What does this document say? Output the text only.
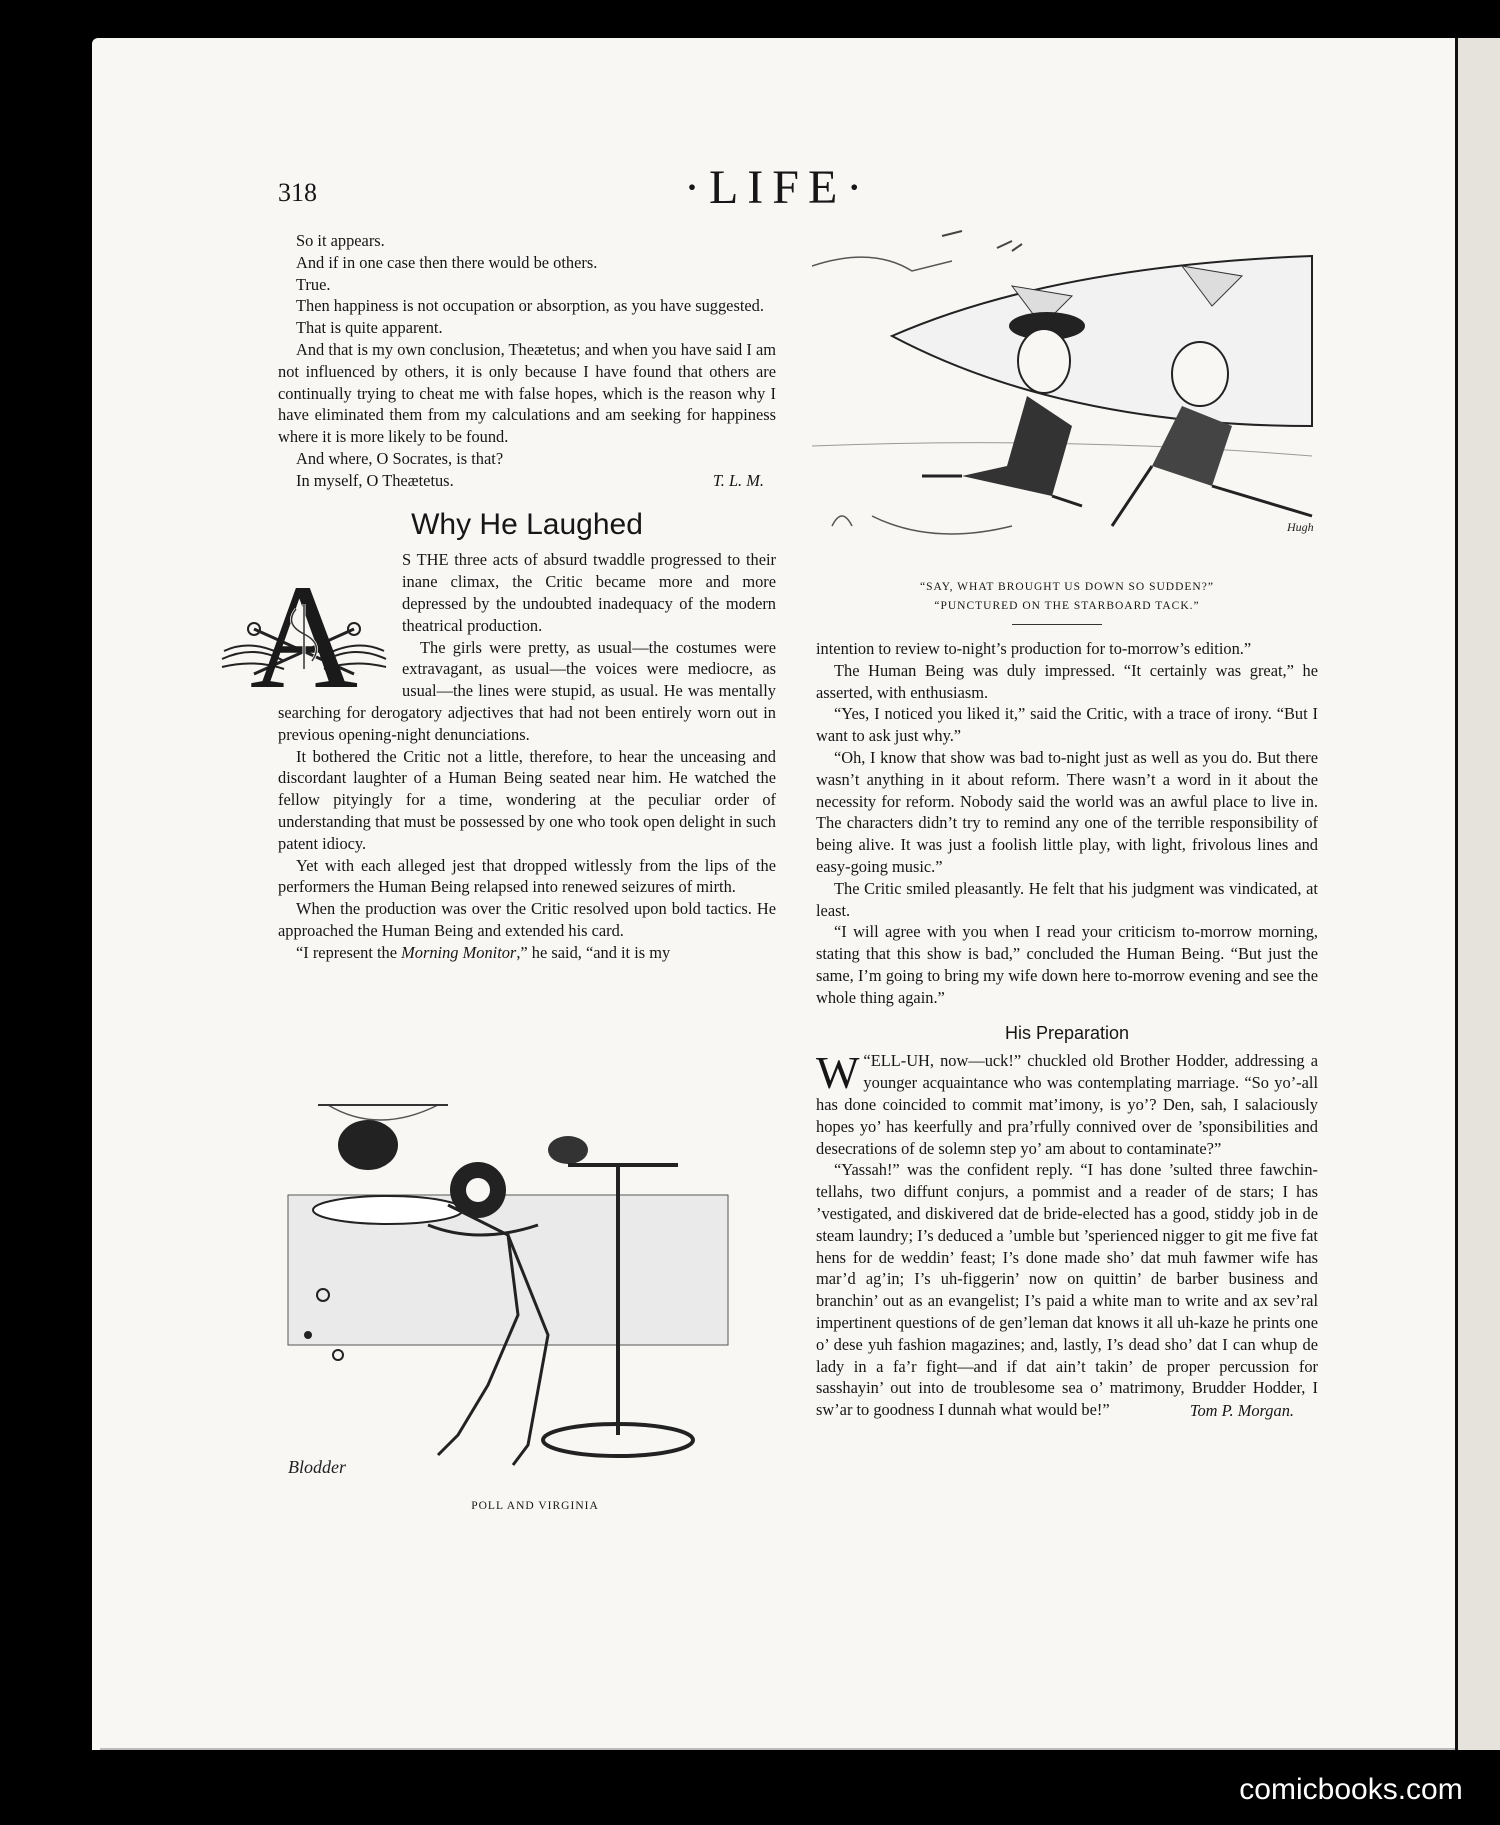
318	·LIFE·

So it appears.

And if in one case then there would be others.

True.

Then happiness is not occupation or absorption, as you have suggested.

That is quite apparent.

And that is my own conclusion, Theætetus; and when you have said I am not influenced by others, it is only because I have found that others are continually trying to cheat me with false hopes, which is the reason why I have eliminated them from my calculations and am seeking for happiness where it is more likely to be found.

And where, O Socrates, is that?

In myself, O Theætetus.	T. L. M.

Why He Laughed
A	S THE three acts of absurd twaddle progressed to their inane climax, the Critic became more and more depressed by the undoubted inadequacy of the modern theatrical production.

The girls were pretty, as usual—the costumes were extravagant, as usual—the voices were mediocre, as usual—the lines were stupid, as usual. He was mentally searching for derogatory adjectives that had not been entirely worn out in previous opening-night denunciations.

It bothered the Critic not a little, therefore, to hear the unceasing and discordant laughter of a Human Being seated near him. He watched the fellow pityingly for a time, wondering at the peculiar order of understanding that must be possessed by one who took open delight in such patent idiocy.

Yet with each alleged jest that dropped witlessly from the lips of the performers the Human Being relapsed into renewed seizures of mirth.

When the production was over the Critic resolved upon bold tactics. He approached the Human Being and extended his card.

“I represent the Morning Monitor,” he said, “and it is my

Blodder
POLL AND VIRGINIA
Hugh
“SAY, WHAT BROUGHT US DOWN SO SUDDEN?”
“PUNCTURED ON THE STARBOARD TACK.”

intention to review to-night’s production for to-morrow’s edition.”

The Human Being was duly impressed. “It certainly was great,” he asserted, with enthusiasm.

“Yes, I noticed you liked it,” said the Critic, with a trace of irony. “But I want to ask just why.”

“Oh, I know that show was bad to-night just as well as you do. But there wasn’t anything in it about reform. There wasn’t a word in it about the necessity for reform. Nobody said the world was an awful place to live in. The characters didn’t try to remind any one of the terrible responsibility of being alive. It was just a foolish little play, with light, frivolous lines and easy-going music.”

The Critic smiled pleasantly. He felt that his judgment was vindicated, at least.

“I will agree with you when I read your criticism to-morrow morning, stating that this show is bad,” concluded the Human Being. “But just the same, I’m going to bring my wife down here to-morrow evening and see the whole thing again.”

His Preparation

“
W ELL-UH, now—uck!” chuckled old Brother Hodder, addressing a younger acquaintance who was contemplating marriage. “So yo’-all has done coincided to commit mat’imony, is yo’? Den, sah, I salaciously hopes yo’ has keerfully and pra’rfully connived over de ’sponsibilities and desecrations of de solemn step yo’ am about to contaminate?”

“Yassah!” was the confident reply. “I has done ’sulted three fawchin-tellahs, two diffunt conjurs, a pommist and a reader of de stars; I has ’vestigated, and diskivered dat de bride-elected has a good, stiddy job in de steam laundry; I’s deduced a ’umble but ’sperienced nigger to git me five fat hens for de weddin’ feast; I’s done made sho’ dat muh fawmer wife has mar’d ag’in; I’s uh-figgerin’ now on quittin’ de barber business and branchin’ out as an evangelist; I’s paid a white man to write and ax sev’ral impertinent questions of de gen’leman dat knows it all uh-kaze he prints one o’ dese yuh fashion magazines; and, lastly, I’s dead sho’ dat I can whup de lady in a fa’r fight—and if dat ain’t takin’ de proper percussion for sasshayin’ out into de troublesome sea o’ matrimony, Brudder Hodder, I sw’ar to goodness I dunnah what would be!”	Tom P. Morgan.

comicbooks.com
